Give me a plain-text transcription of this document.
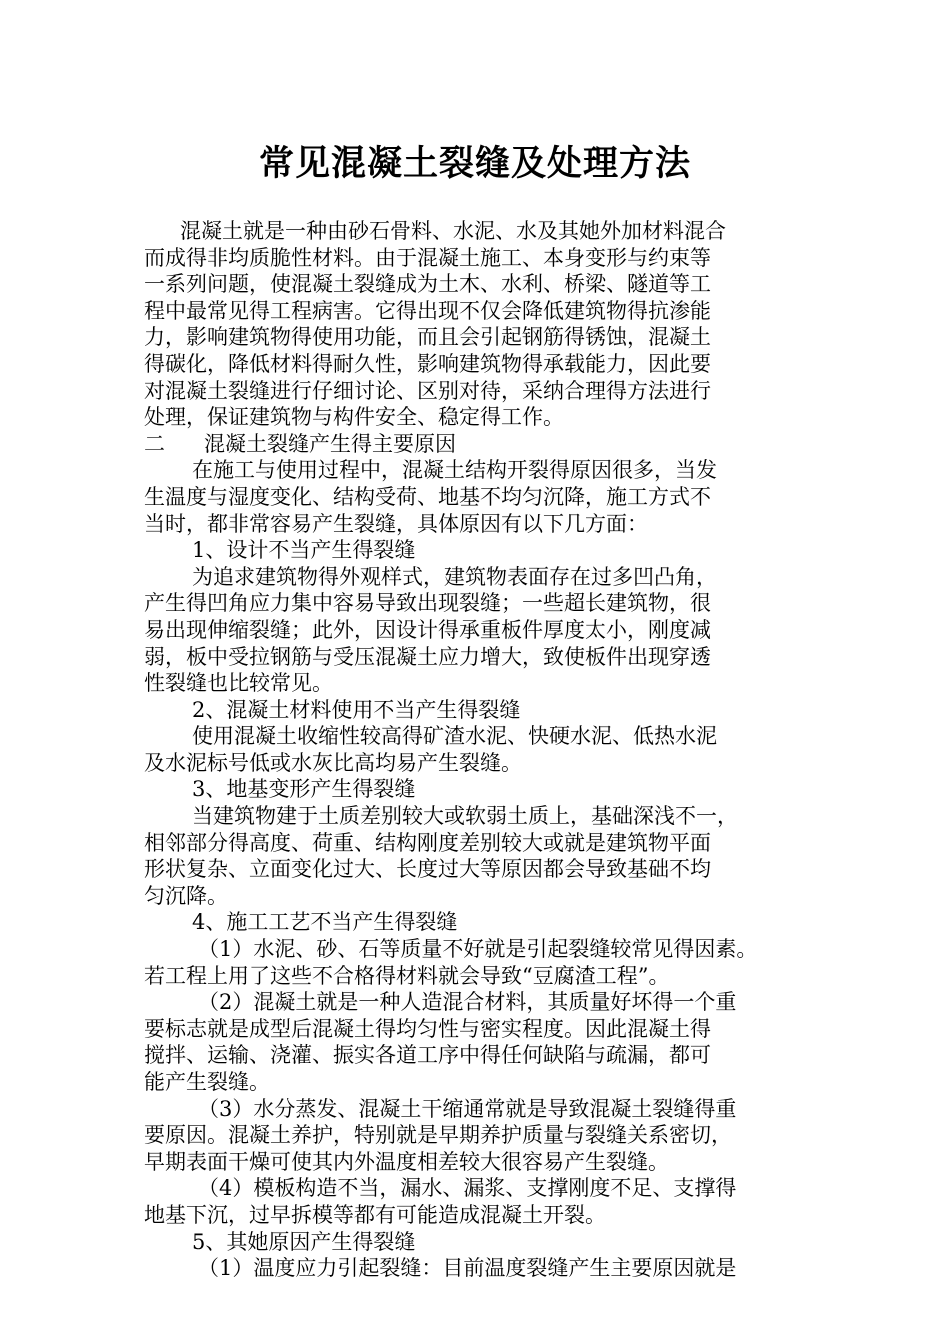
常见混凝土裂缝及处理方法

混凝土就是一种由砂石骨料、水泥、水及其她外加材料混合

而成得非均质脆性材料。由于混凝土施工、本身变形与约束等

一系列问题，使混凝土裂缝成为土木、水利、桥梁、隧道等工

程中最常见得工程病害。它得出现不仅会降低建筑物得抗渗能

力，影响建筑物得使用功能，而且会引起钢筋得锈蚀，混凝土

得碳化，降低材料得耐久性，影响建筑物得承载能力，因此要

对混凝土裂缝进行仔细讨论、区别对待，采纳合理得方法进行

处理，保证建筑物与构件安全、稳定得工作。

二 混凝土裂缝产生得主要原因

在施工与使用过程中，混凝土结构开裂得原因很多，当发

生温度与湿度变化、结构受荷、地基不均匀沉降，施工方式不

当时，都非常容易产生裂缝，具体原因有以下几方面：

1、设计不当产生得裂缝

为追求建筑物得外观样式，建筑物表面存在过多凹凸角，

产生得凹角应力集中容易导致出现裂缝；一些超长建筑物，很

易出现伸缩裂缝；此外，因设计得承重板件厚度太小，刚度减

弱，板中受拉钢筋与受压混凝土应力增大，致使板件出现穿透

性裂缝也比较常见。

2、混凝土材料使用不当产生得裂缝

使用混凝土收缩性较高得矿渣水泥、快硬水泥、低热水泥

及水泥标号低或水灰比高均易产生裂缝。

3、地基变形产生得裂缝

当建筑物建于土质差别较大或软弱土质上，基础深浅不一，

相邻部分得高度、荷重、结构刚度差别较大或就是建筑物平面

形状复杂、立面变化过大、长度过大等原因都会导致基础不均

匀沉降。

4、施工工艺不当产生得裂缝

（1）水泥、砂、石等质量不好就是引起裂缝较常见得因素。

若工程上用了这些不合格得材料就会导致“豆腐渣工程”。

（2）混凝土就是一种人造混合材料，其质量好坏得一个重

要标志就是成型后混凝土得均匀性与密实程度。因此混凝土得

搅拌、运输、浇灌、振实各道工序中得任何缺陷与疏漏，都可

能产生裂缝。

（3）水分蒸发、混凝土干缩通常就是导致混凝土裂缝得重

要原因。混凝土养护，特别就是早期养护质量与裂缝关系密切，

早期表面干燥可使其内外温度相差较大很容易产生裂缝。

（4）模板构造不当，漏水、漏浆、支撑刚度不足、支撑得

地基下沉，过早拆模等都有可能造成混凝土开裂。

5、其她原因产生得裂缝

（1）温度应力引起裂缝：目前温度裂缝产生主要原因就是
